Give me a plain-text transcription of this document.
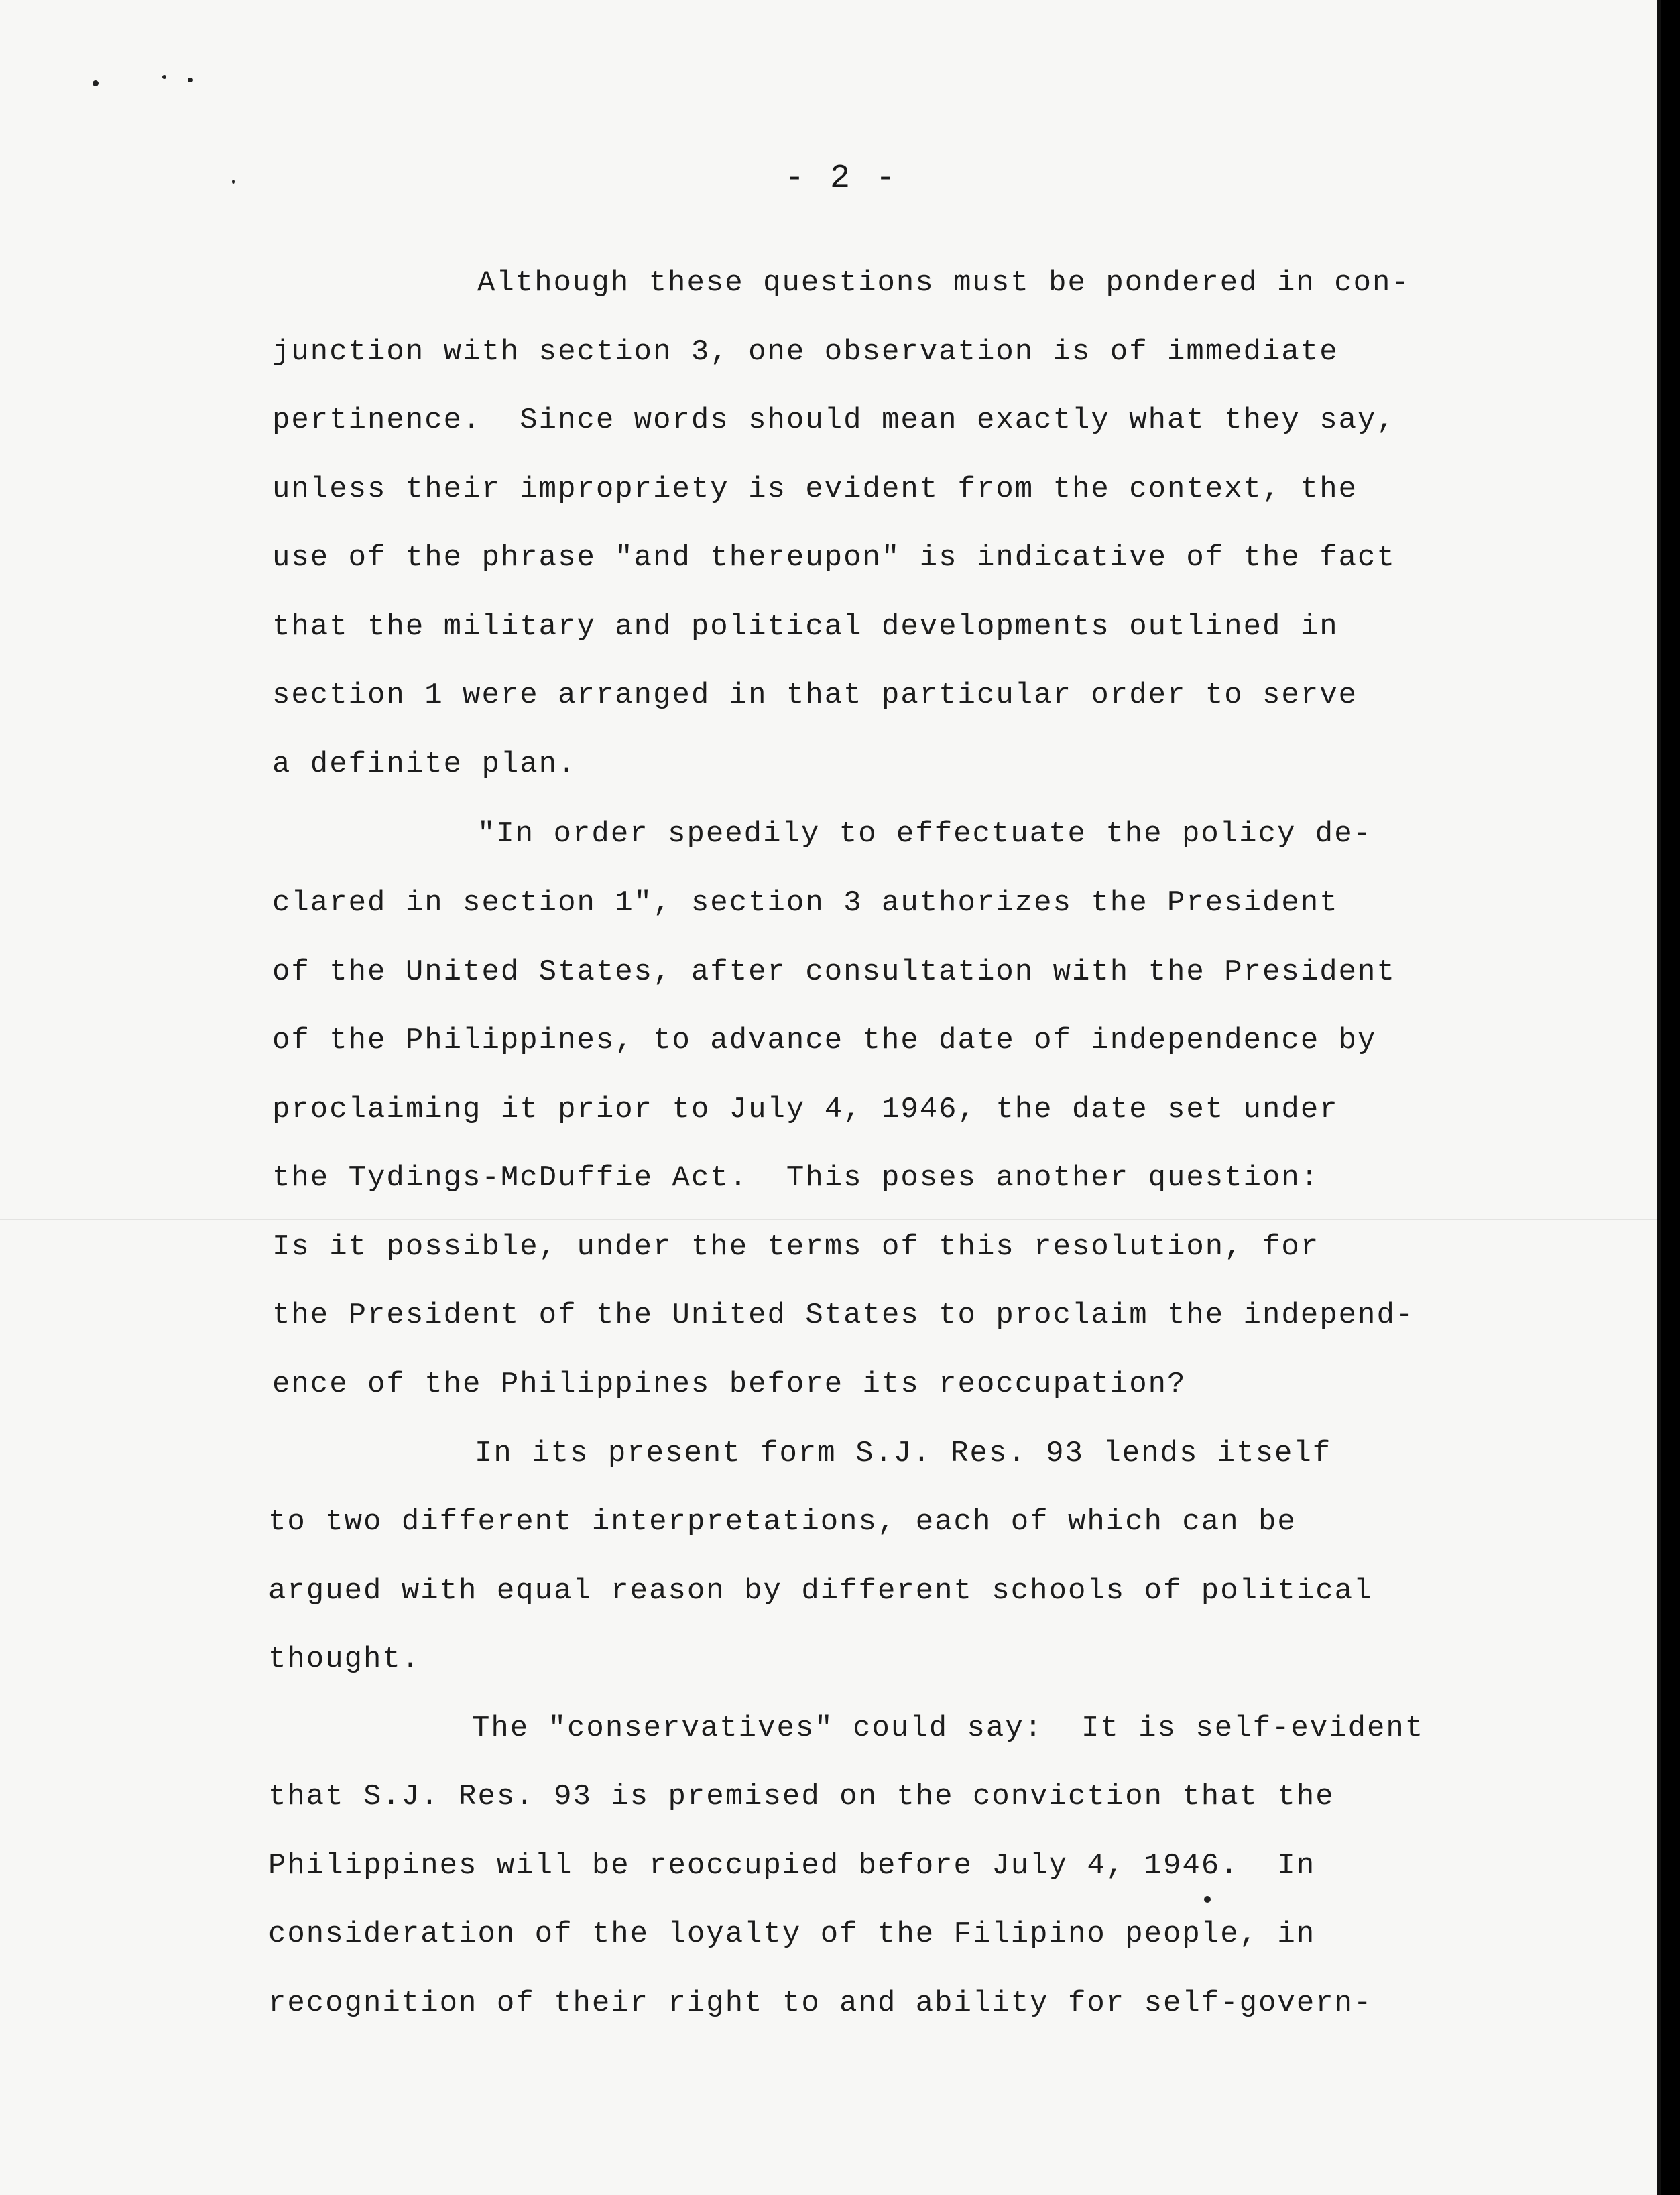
- 2 -
Although these questions must be pondered in con-
junction with section 3, one observation is of immediate
pertinence.  Since words should mean exactly what they say,
unless their impropriety is evident from the context, the
use of the phrase "and thereupon" is indicative of the fact
that the military and political developments outlined in
section 1 were arranged in that particular order to serve
a definite plan.
"In order speedily to effectuate the policy de-
clared in section 1", section 3 authorizes the President
of the United States, after consultation with the President
of the Philippines, to advance the date of independence by
proclaiming it prior to July 4, 1946, the date set under
the Tydings-McDuffie Act.  This poses another question:
Is it possible, under the terms of this resolution, for
the President of the United States to proclaim the independ-
ence of the Philippines before its reoccupation?
In its present form S.J. Res. 93 lends itself
to two different interpretations, each of which can be
argued with equal reason by different schools of political
thought.
The "conservatives" could say:  It is self-evident
that S.J. Res. 93 is premised on the conviction that the
Philippines will be reoccupied before July 4, 1946.  In
consideration of the loyalty of the Filipino people, in
recognition of their right to and ability for self-govern-
